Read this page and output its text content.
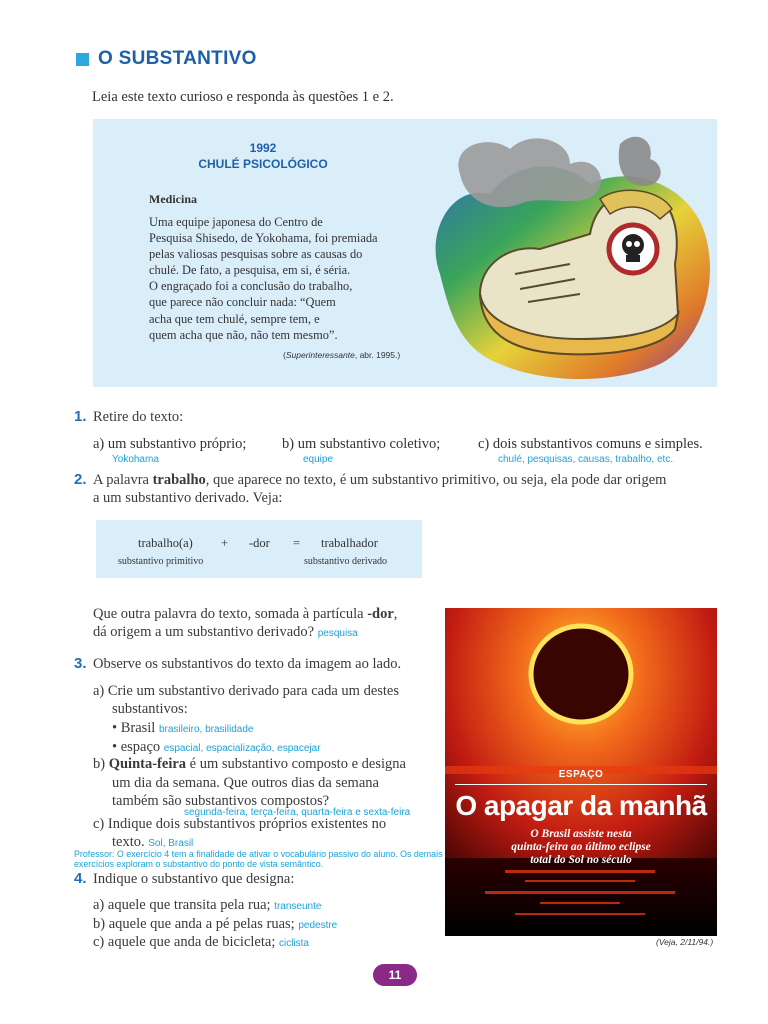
O SUBSTANTIVO
Leia este texto curioso e responda às questões 1 e 2.
1992
CHULÉ PSICOLÓGICO
Medicina
Uma equipe japonesa do Centro de
Pesquisa Shisedo, de Yokohama, foi premiada
pelas valiosas pesquisas sobre as causas do
chulé. De fato, a pesquisa, em si, é séria.
O engraçado foi a conclusão do trabalho,
que parece não concluir nada: “Quem
acha que tem chulé, sempre tem, e
quem acha que não, não tem mesmo”.
(Superinteressante, abr. 1995.)
1. Retire do texto:
a) um substantivo próprio;
Yokohama
b) um substantivo coletivo;
equipe
c) dois substantivos comuns e simples.
chulé, pesquisas, causas, trabalho, etc.
2. A palavra trabalho, que aparece no texto, é um substantivo primitivo, ou seja, ela pode dar origem
a um substantivo derivado. Veja:
trabalho(a) + -dor = trabalhador
substantivo primitivo	substantivo derivado
Que outra palavra do texto, somada à partícula -dor,
dá origem a um substantivo derivado? pesquisa
3. Observe os substantivos do texto da imagem ao lado.
a) Crie um substantivo derivado para cada um destes
substantivos:
• Brasil brasileiro, brasilidade
• espaço espacial, espacialização, espacejar
b) Quinta-feira é um substantivo composto e designa
um dia da semana. Que outros dias da semana
também são substantivos compostos?
segunda-feira, terça-feira, quarta-feira e sexta-feira
c) Indique dois substantivos próprios existentes no
texto. Sol, Brasil
Professor: O exercício 4 tem a finalidade de ativar o vocabulário passivo do aluno. Os demais exercícios exploram o substantivo do ponto de vista semântico.
4. Indique o substantivo que designa:
a) aquele que transita pela rua; transeunte
b) aquele que anda a pé pelas ruas; pedestre
c) aquele que anda de bicicleta; ciclista
ESPAÇO
O apagar da manhã
O Brasil assiste nesta
quinta-feira ao último eclipse
total do Sol no século
(Veja, 2/11/94.)
11
